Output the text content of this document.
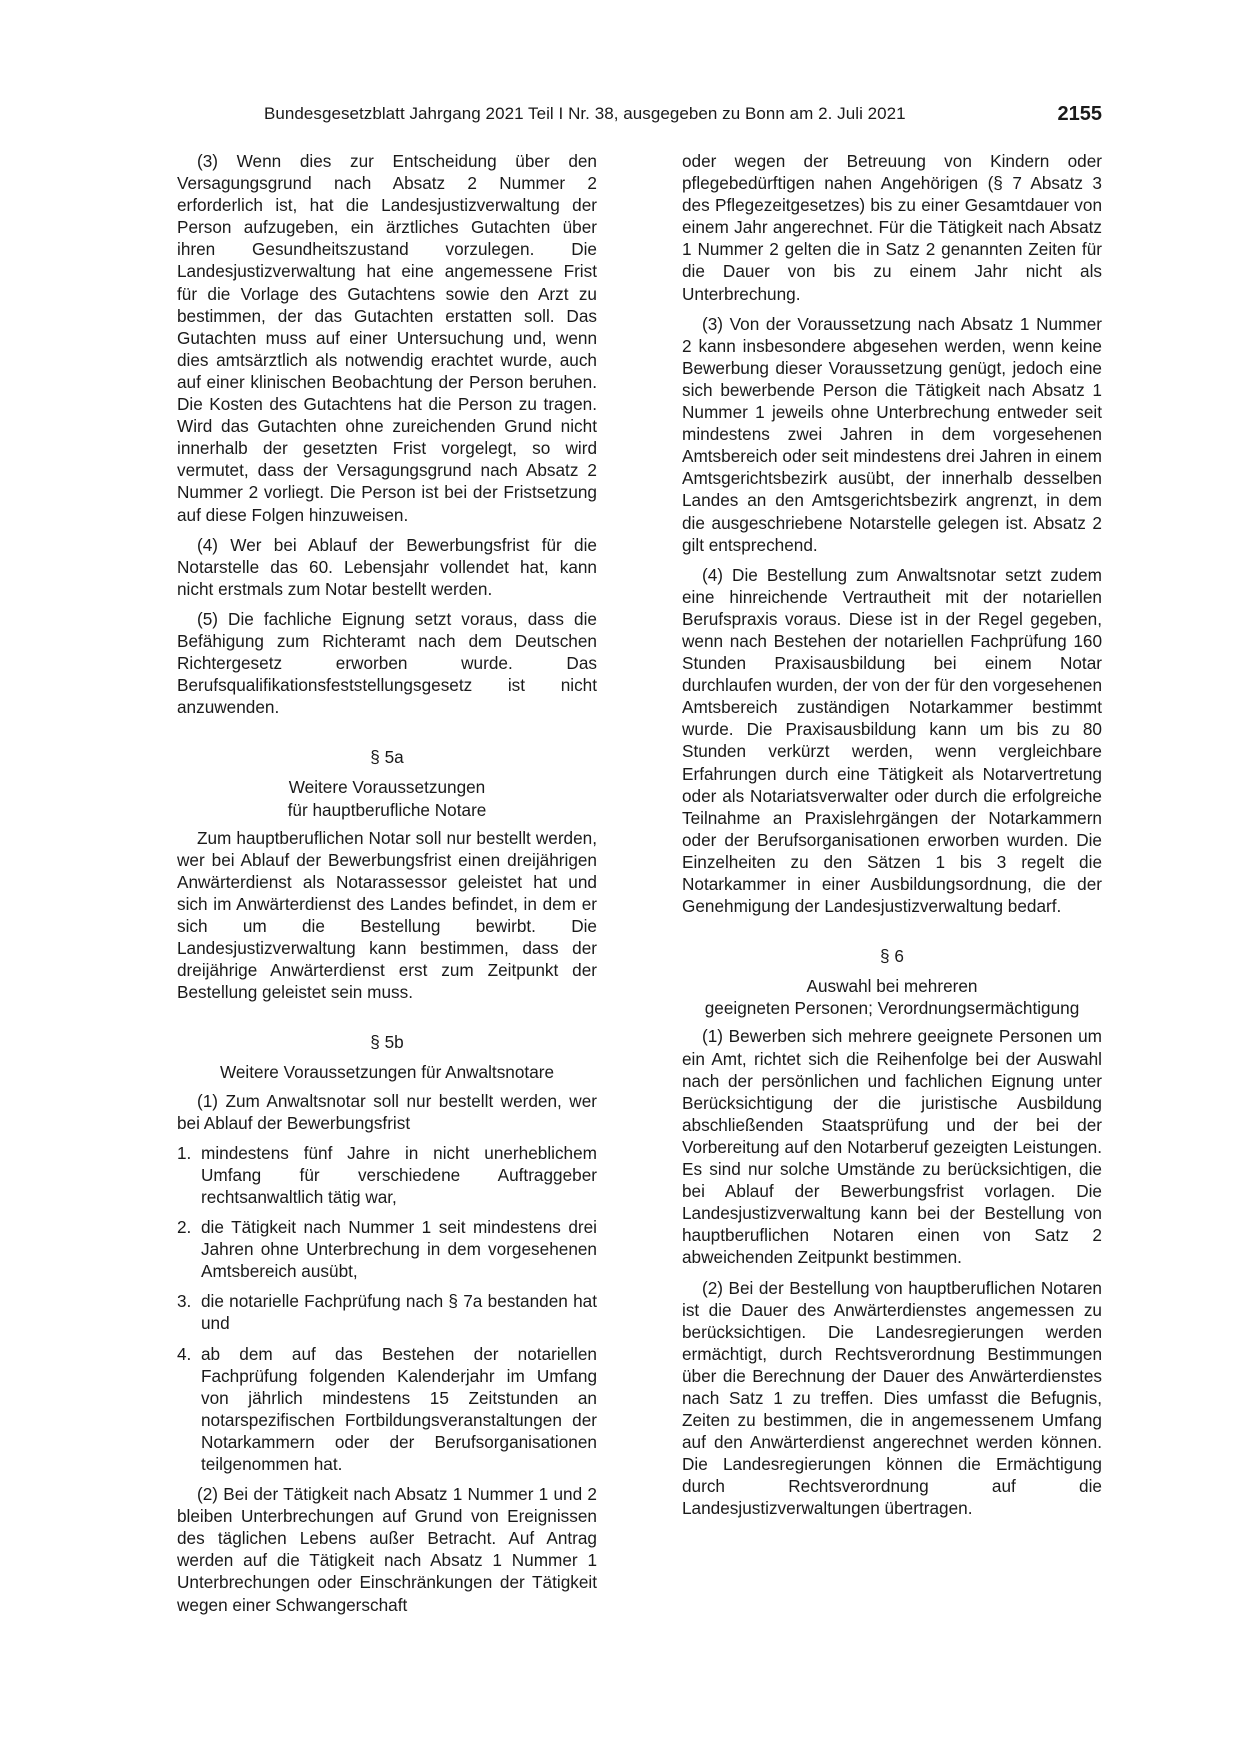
Bundesgesetzblatt Jahrgang 2021 Teil I Nr. 38, ausgegeben zu Bonn am 2. Juli 2021	2155

(3) Wenn dies zur Entscheidung über den Versagungsgrund nach Absatz 2 Nummer 2 erforderlich ist, hat die Landesjustizverwaltung der Person aufzugeben, ein ärztliches Gutachten über ihren Gesundheitszustand vorzulegen. Die Landesjustizverwaltung hat eine angemessene Frist für die Vorlage des Gutachtens sowie den Arzt zu bestimmen, der das Gutachten erstatten soll. Das Gutachten muss auf einer Untersuchung und, wenn dies amtsärztlich als notwendig erachtet wurde, auch auf einer klinischen Beobachtung der Person beruhen. Die Kosten des Gutachtens hat die Person zu tragen. Wird das Gutachten ohne zureichenden Grund nicht innerhalb der gesetzten Frist vorgelegt, so wird vermutet, dass der Versagungsgrund nach Absatz 2 Nummer 2 vorliegt. Die Person ist bei der Fristsetzung auf diese Folgen hinzuweisen.

(4) Wer bei Ablauf der Bewerbungsfrist für die Notarstelle das 60. Lebensjahr vollendet hat, kann nicht erstmals zum Notar bestellt werden.

(5) Die fachliche Eignung setzt voraus, dass die Befähigung zum Richteramt nach dem Deutschen Richtergesetz erworben wurde. Das Berufsqualifikationsfeststellungsgesetz ist nicht anzuwenden.

§ 5a
Weitere Voraussetzungen
für hauptberufliche Notare

Zum hauptberuflichen Notar soll nur bestellt werden, wer bei Ablauf der Bewerbungsfrist einen dreijährigen Anwärterdienst als Notarassessor geleistet hat und sich im Anwärterdienst des Landes befindet, in dem er sich um die Bestellung bewirbt. Die Landesjustizverwaltung kann bestimmen, dass der dreijährige Anwärterdienst erst zum Zeitpunkt der Bestellung geleistet sein muss.

§ 5b
Weitere Voraussetzungen für Anwaltsnotare

(1) Zum Anwaltsnotar soll nur bestellt werden, wer bei Ablauf der Bewerbungsfrist

1. mindestens fünf Jahre in nicht unerheblichem Umfang für verschiedene Auftraggeber rechtsanwaltlich tätig war,
2. die Tätigkeit nach Nummer 1 seit mindestens drei Jahren ohne Unterbrechung in dem vorgesehenen Amtsbereich ausübt,
3. die notarielle Fachprüfung nach § 7a bestanden hat und
4. ab dem auf das Bestehen der notariellen Fachprüfung folgenden Kalenderjahr im Umfang von jährlich mindestens 15 Zeitstunden an notarspezifischen Fortbildungsveranstaltungen der Notarkammern oder der Berufsorganisationen teilgenommen hat.

(2) Bei der Tätigkeit nach Absatz 1 Nummer 1 und 2 bleiben Unterbrechungen auf Grund von Ereignissen des täglichen Lebens außer Betracht. Auf Antrag werden auf die Tätigkeit nach Absatz 1 Nummer 1 Unterbrechungen oder Einschränkungen der Tätigkeit wegen einer Schwangerschaft

oder wegen der Betreuung von Kindern oder pflegebedürftigen nahen Angehörigen (§ 7 Absatz 3 des Pflegezeitgesetzes) bis zu einer Gesamtdauer von einem Jahr angerechnet. Für die Tätigkeit nach Absatz 1 Nummer 2 gelten die in Satz 2 genannten Zeiten für die Dauer von bis zu einem Jahr nicht als Unterbrechung.

(3) Von der Voraussetzung nach Absatz 1 Nummer 2 kann insbesondere abgesehen werden, wenn keine Bewerbung dieser Voraussetzung genügt, jedoch eine sich bewerbende Person die Tätigkeit nach Absatz 1 Nummer 1 jeweils ohne Unterbrechung entweder seit mindestens zwei Jahren in dem vorgesehenen Amtsbereich oder seit mindestens drei Jahren in einem Amtsgerichtsbezirk ausübt, der innerhalb desselben Landes an den Amtsgerichtsbezirk angrenzt, in dem die ausgeschriebene Notarstelle gelegen ist. Absatz 2 gilt entsprechend.

(4) Die Bestellung zum Anwaltsnotar setzt zudem eine hinreichende Vertrautheit mit der notariellen Berufspraxis voraus. Diese ist in der Regel gegeben, wenn nach Bestehen der notariellen Fachprüfung 160 Stunden Praxisausbildung bei einem Notar durchlaufen wurden, der von der für den vorgesehenen Amtsbereich zuständigen Notarkammer bestimmt wurde. Die Praxisausbildung kann um bis zu 80 Stunden verkürzt werden, wenn vergleichbare Erfahrungen durch eine Tätigkeit als Notarvertretung oder als Notariatsverwalter oder durch die erfolgreiche Teilnahme an Praxislehrgängen der Notarkammern oder der Berufsorganisationen erworben wurden. Die Einzelheiten zu den Sätzen 1 bis 3 regelt die Notarkammer in einer Ausbildungsordnung, die der Genehmigung der Landesjustizverwaltung bedarf.

§ 6
Auswahl bei mehreren
geeigneten Personen; Verordnungsermächtigung

(1) Bewerben sich mehrere geeignete Personen um ein Amt, richtet sich die Reihenfolge bei der Auswahl nach der persönlichen und fachlichen Eignung unter Berücksichtigung der die juristische Ausbildung abschließenden Staatsprüfung und der bei der Vorbereitung auf den Notarberuf gezeigten Leistungen. Es sind nur solche Umstände zu berücksichtigen, die bei Ablauf der Bewerbungsfrist vorlagen. Die Landesjustizverwaltung kann bei der Bestellung von hauptberuflichen Notaren einen von Satz 2 abweichenden Zeitpunkt bestimmen.

(2) Bei der Bestellung von hauptberuflichen Notaren ist die Dauer des Anwärterdienstes angemessen zu berücksichtigen. Die Landesregierungen werden ermächtigt, durch Rechtsverordnung Bestimmungen über die Berechnung der Dauer des Anwärterdienstes nach Satz 1 zu treffen. Dies umfasst die Befugnis, Zeiten zu bestimmen, die in angemessenem Umfang auf den Anwärterdienst angerechnet werden können. Die Landesregierungen können die Ermächtigung durch Rechtsverordnung auf die Landesjustizverwaltungen übertragen.
